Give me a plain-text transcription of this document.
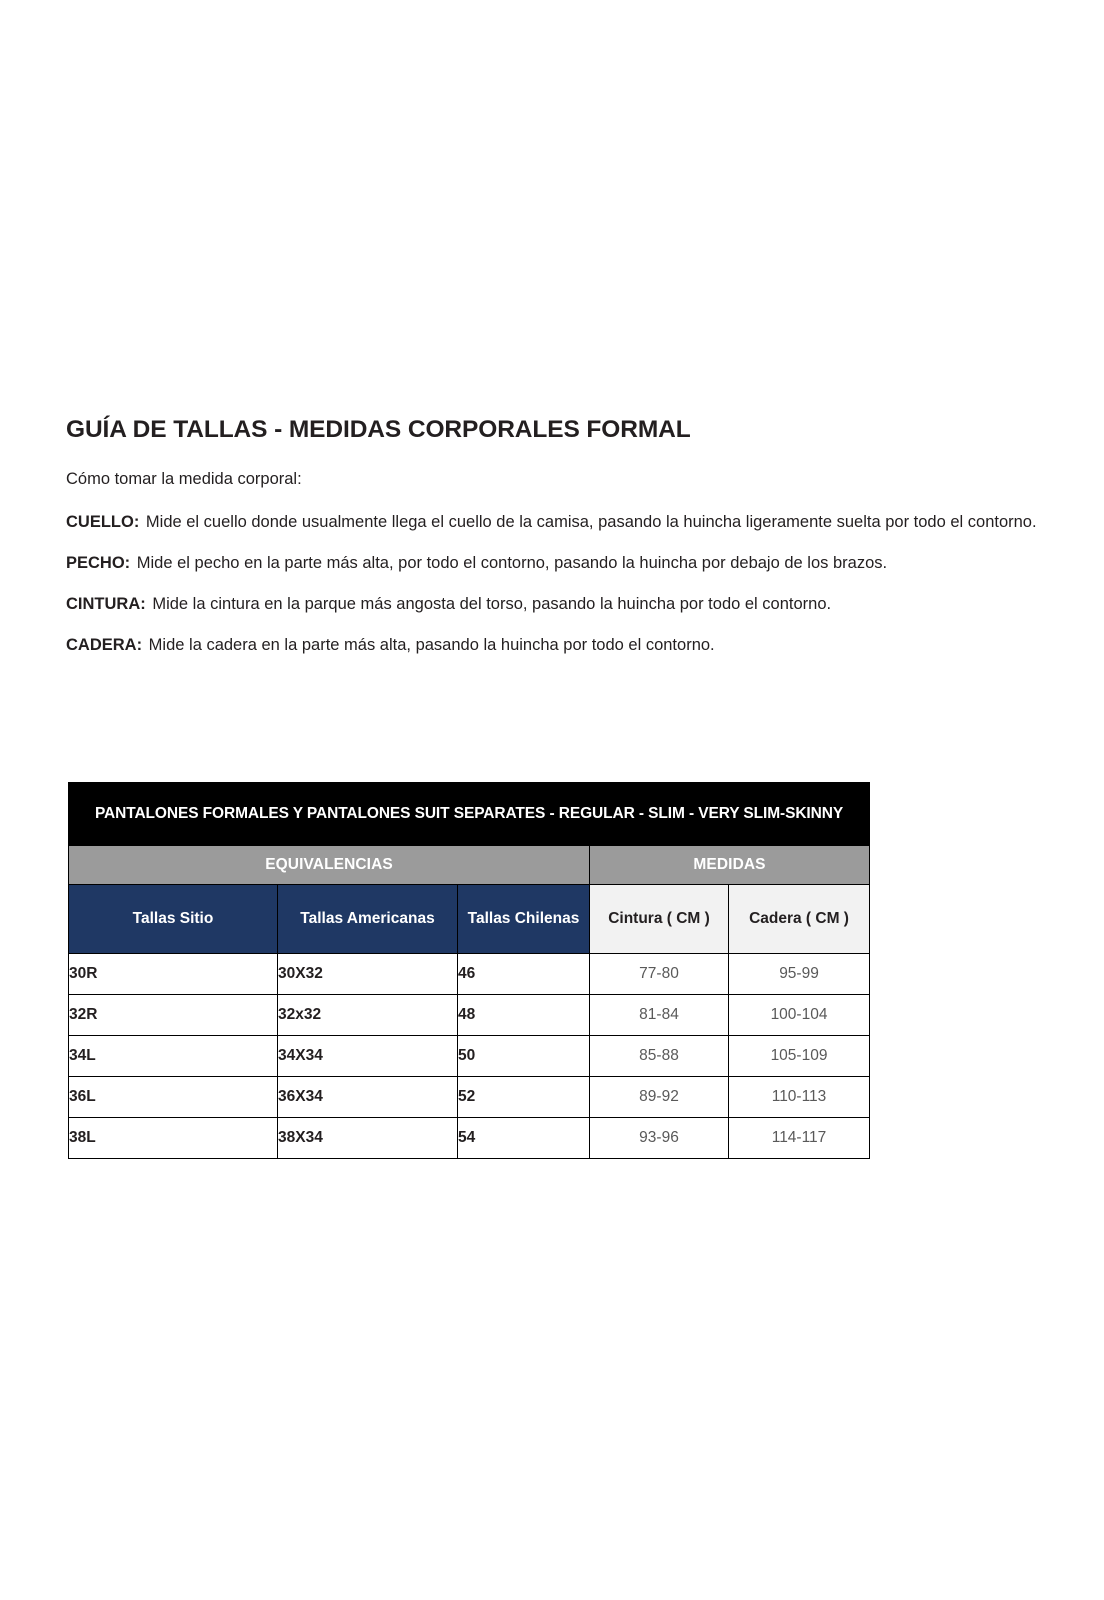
GUÍA DE TALLAS - MEDIDAS CORPORALES FORMAL

Cómo tomar la medida corporal:

CUELLO: Mide el cuello donde usualmente llega el cuello de la camisa, pasando la huincha ligeramente suelta por todo el contorno.

PECHO: Mide el pecho en la parte más alta, por todo el contorno, pasando la huincha por debajo de los brazos.

CINTURA: Mide la cintura en la parque más angosta del torso, pasando la huincha por todo el contorno.

CADERA: Mide la cadera en la parte más alta, pasando la huincha por todo el contorno.

PANTALONES FORMALES Y PANTALONES SUIT SEPARATES - REGULAR - SLIM - VERY SLIM-SKINNY				
EQUIVALENCIAS			MEDIDAS	
Tallas Sitio	Tallas Americanas	Tallas Chilenas	Cintura ( CM )	Cadera ( CM )
30R	30X32	46	77-80	95-99
32R	32x32	48	81-84	100-104
34L	34X34	50	85-88	105-109
36L	36X34	52	89-92	110-113
38L	38X34	54	93-96	114-117
